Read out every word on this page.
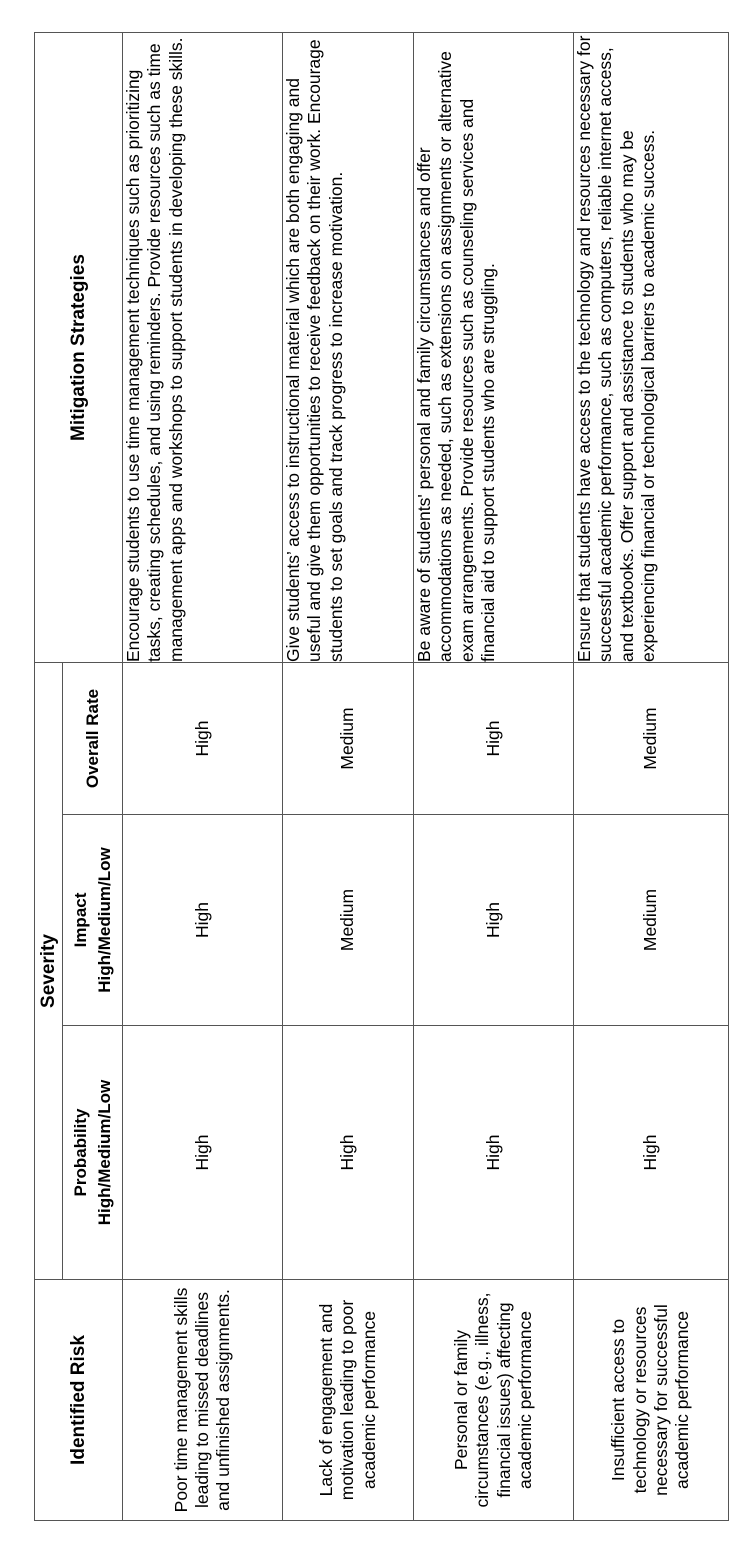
Identified Risk	Severity			Mitigation Strategies

	Probability High/Medium/Low	Impact High/Medium/Low	Overall Rate	
Poor time management skills leading to missed deadlines and unfinished assignments.	High	High	High	Encourage students to use time management techniques such as prioritizing tasks, creating schedules, and using reminders. Provide resources such as time management apps and workshops to support students in developing these skills.
Lack of engagement and motivation leading to poor academic performance	High	Medium	Medium	Give students’ access to instructional material which are both engaging and useful and give them opportunities to receive feedback on their work. Encourage students to set goals and track progress to increase motivation.
Personal or family circumstances (e.g., illness, financial issues) affecting academic performance	High	High	High	Be aware of students' personal and family circumstances and offer accommodations as needed, such as extensions on assignments or alternative exam arrangements. Provide resources such as counseling services and financial aid to support students who are struggling.
Insufficient access to technology or resources necessary for successful academic performance	High	Medium	Medium	Ensure that students have access to the technology and resources necessary for successful academic performance, such as computers, reliable internet access, and textbooks. Offer support and assistance to students who may be experiencing financial or technological barriers to academic success.
